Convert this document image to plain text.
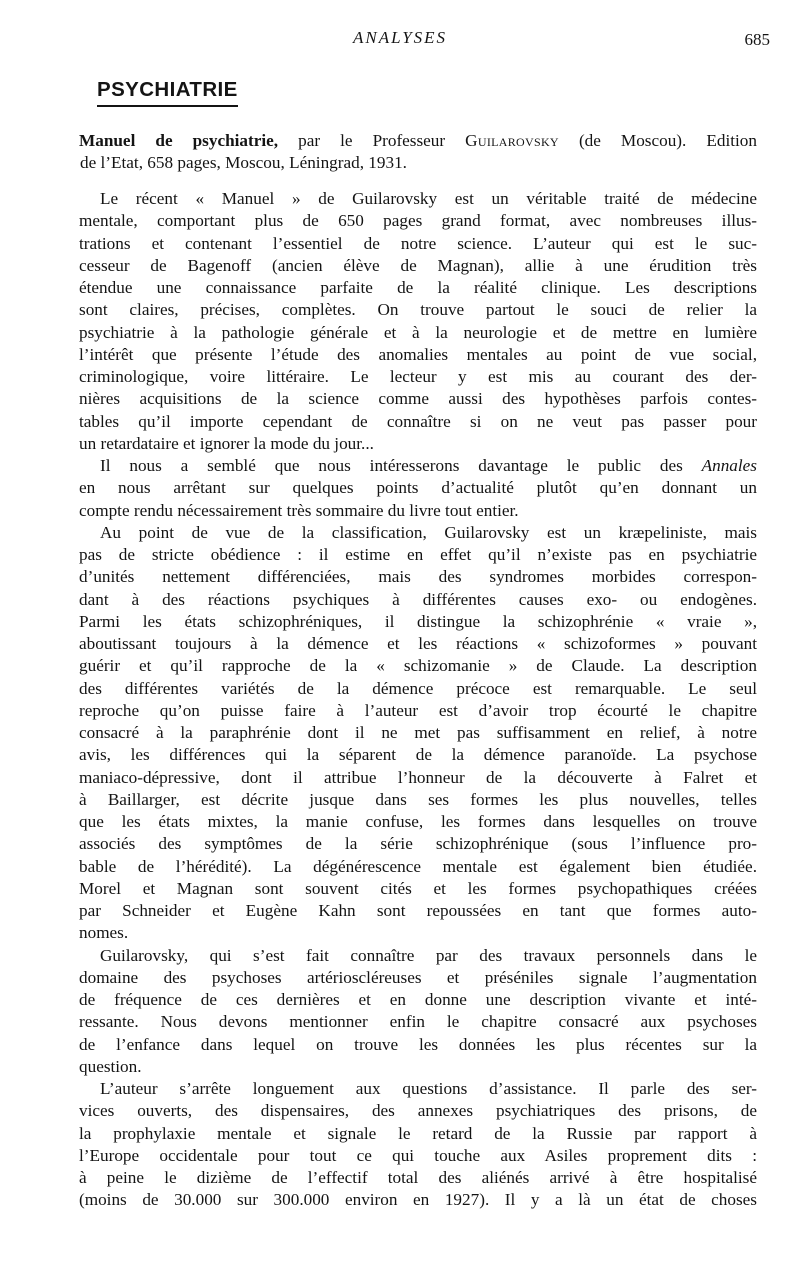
ANALYSES	685
PSYCHIATRIE

Manuel de psychiatrie, par le Professeur Guilarovsky (de Moscou). Edition

de l’Etat, 658 pages, Moscou, Léningrad, 1931.

Le récent « Manuel » de Guilarovsky est un véritable traité de médecine
mentale, comportant plus de 650 pages grand format, avec nombreuses illus-
trations et contenant l’essentiel de notre science. L’auteur qui est le suc-
cesseur de Bagenoff (ancien élève de Magnan), allie à une érudition très
étendue une connaissance parfaite de la réalité clinique. Les descriptions
sont claires, précises, complètes. On trouve partout le souci de relier la
psychiatrie à la pathologie générale et à la neurologie et de mettre en lumière
l’intérêt que présente l’étude des anomalies mentales au point de vue social,
criminologique, voire littéraire. Le lecteur y est mis au courant des der-
nières acquisitions de la science comme aussi des hypothèses parfois contes-
tables qu’il importe cependant de connaître si on ne veut pas passer pour
un retardataire et ignorer la mode du jour...
Il nous a semblé que nous intéresserons davantage le public des Annales
en nous arrêtant sur quelques points d’actualité plutôt qu’en donnant un
compte rendu nécessairement très sommaire du livre tout entier.
Au point de vue de la classification, Guilarovsky est un kræpeliniste, mais
pas de stricte obédience : il estime en effet qu’il n’existe pas en psychiatrie
d’unités nettement différenciées, mais des syndromes morbides correspon-
dant à des réactions psychiques à différentes causes exo- ou endogènes.
Parmi les états schizophréniques, il distingue la schizophrénie « vraie »,
aboutissant toujours à la démence et les réactions « schizoformes » pouvant
guérir et qu’il rapproche de la « schizomanie » de Claude. La description
des différentes variétés de la démence précoce est remarquable. Le seul
reproche qu’on puisse faire à l’auteur est d’avoir trop écourté le chapitre
consacré à la paraphrénie dont il ne met pas suffisamment en relief, à notre
avis, les différences qui la séparent de la démence paranoïde. La psychose
maniaco-dépressive, dont il attribue l’honneur de la découverte à Falret et
à Baillarger, est décrite jusque dans ses formes les plus nouvelles, telles
que les états mixtes, la manie confuse, les formes dans lesquelles on trouve
associés des symptômes de la série schizophrénique (sous l’influence pro-
bable de l’hérédité). La dégénérescence mentale est également bien étudiée.
Morel et Magnan sont souvent cités et les formes psychopathiques créées
par Schneider et Eugène Kahn sont repoussées en tant que formes auto-
nomes.
Guilarovsky, qui s’est fait connaître par des travaux personnels dans le
domaine des psychoses artérioscléreuses et préséniles signale l’augmentation
de fréquence de ces dernières et en donne une description vivante et inté-
ressante. Nous devons mentionner enfin le chapitre consacré aux psychoses
de l’enfance dans lequel on trouve les données les plus récentes sur la
question.
L’auteur s’arrête longuement aux questions d’assistance. Il parle des ser-
vices ouverts, des dispensaires, des annexes psychiatriques des prisons, de
la prophylaxie mentale et signale le retard de la Russie par rapport à
l’Europe occidentale pour tout ce qui touche aux Asiles proprement dits :
à peine le dizième de l’effectif total des aliénés arrivé à être hospitalisé
(moins de 30.000 sur 300.000 environ en 1927). Il y a là un état de choses
